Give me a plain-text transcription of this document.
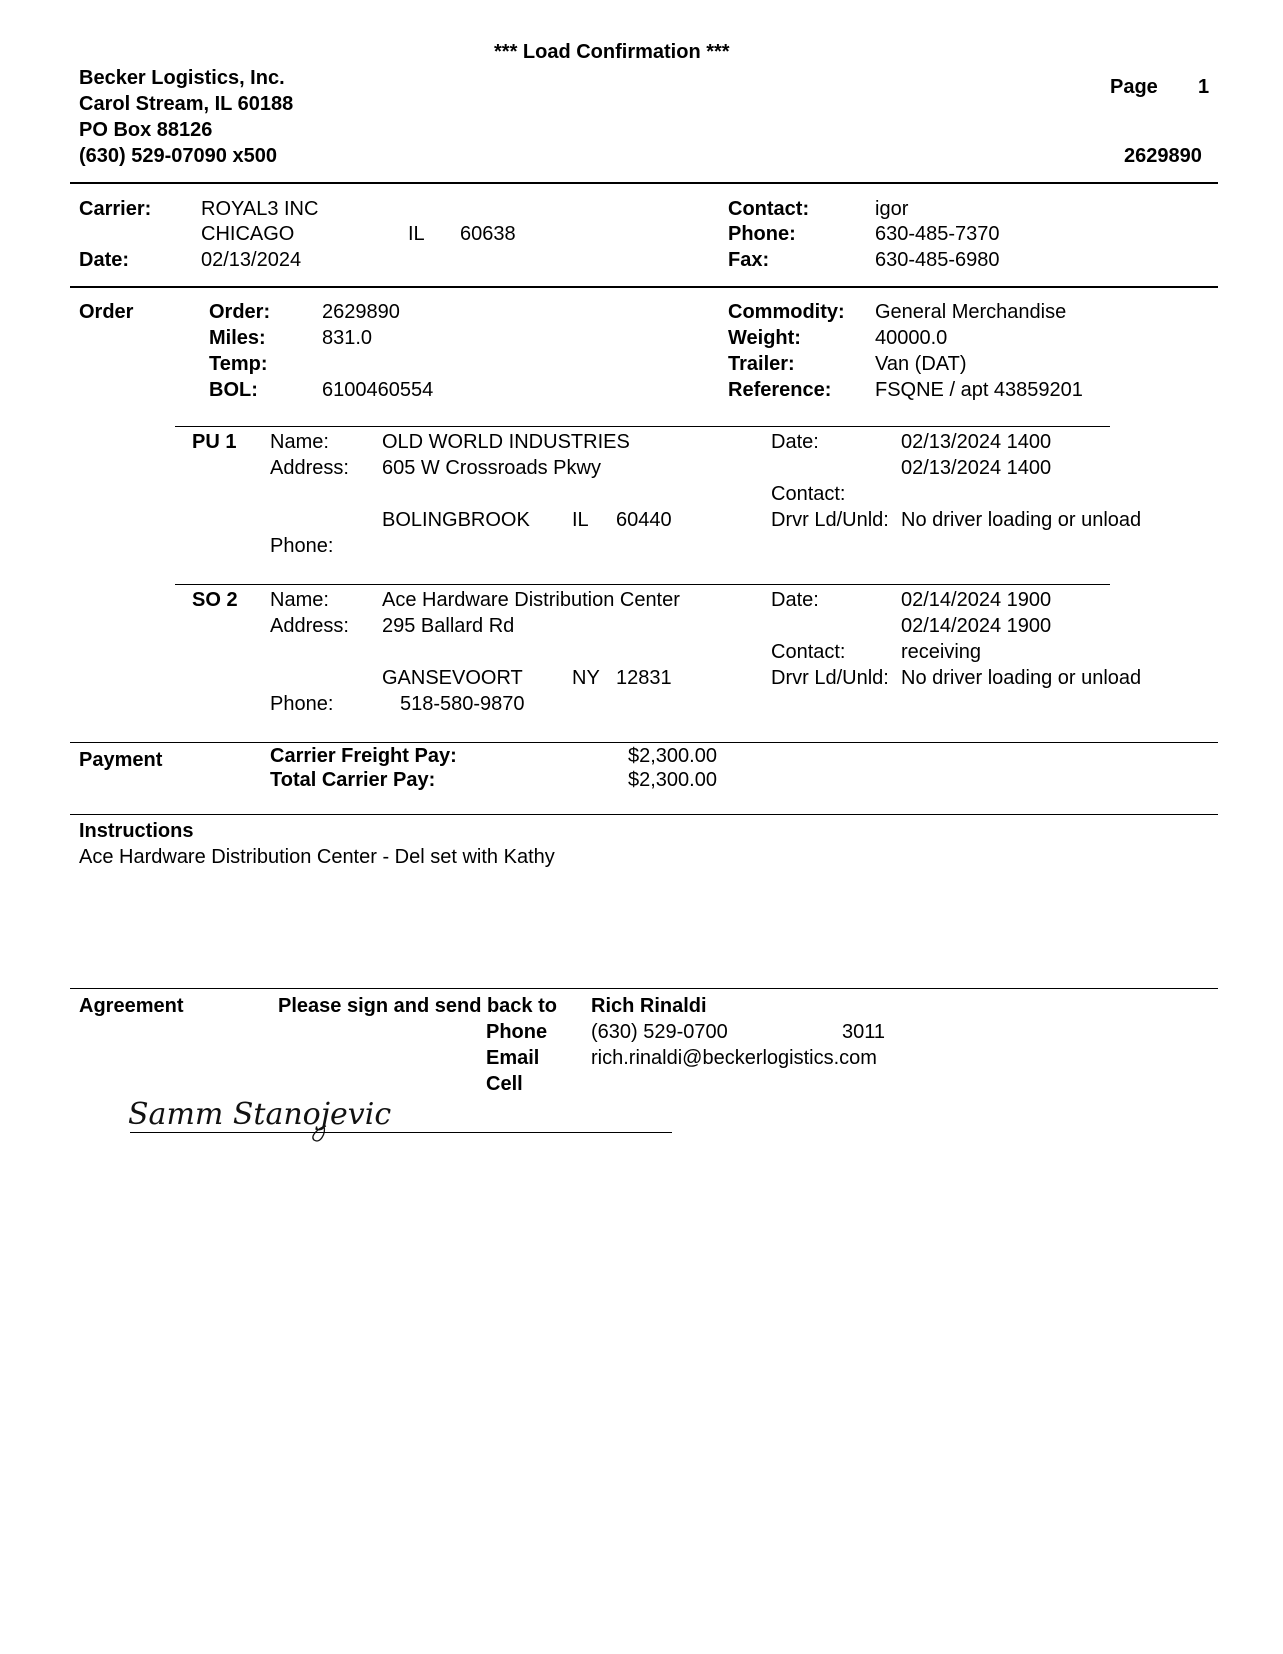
*** Load Confirmation ***
Becker Logistics, Inc.
Carol Stream, IL 60188
PO Box 88126
(630) 529-07090 x500
Page 1
2629890
Carrier: ROYAL3 INC
CHICAGO	IL 60638
Date:	02/13/2024
Contact:	igor
Phone:	630-485-7370
Fax:	630-485-6980
Order	Order:	2629890
Miles:	831.0
Temp:
BOL:	6100460554
Commodity: General Merchandise
Weight:	40000.0
Trailer:	Van (DAT)
Reference: FSQNE / apt 43859201
PU 1 Name:	OLD WORLD INDUSTRIES
Address: 605 W Crossroads Pkwy
BOLINGBROOK IL 60440
Phone:
Date:	02/13/2024 1400
02/13/2024 1400
Contact:
Drvr Ld/Unld: No driver loading or unload
SO 2 Name:	Ace Hardware Distribution Center
Address: 295 Ballard Rd
GANSEVOORT NY 12831
Phone:	518-580-9870
Date:	02/14/2024 1900
02/14/2024 1900
Contact:	receiving
Drvr Ld/Unld: No driver loading or unload
Payment	Carrier Freight Pay:	$2,300.00
Total Carrier Pay:	$2,300.00
Instructions
Ace Hardware Distribution Center - Del set with Kathy
Agreement	Please sign and send back to Rich Rinaldi
Phone (630) 529-0700	3011
Email	rich.rinaldi@beckerlogistics.com
Cell
Samm Stanojevic
